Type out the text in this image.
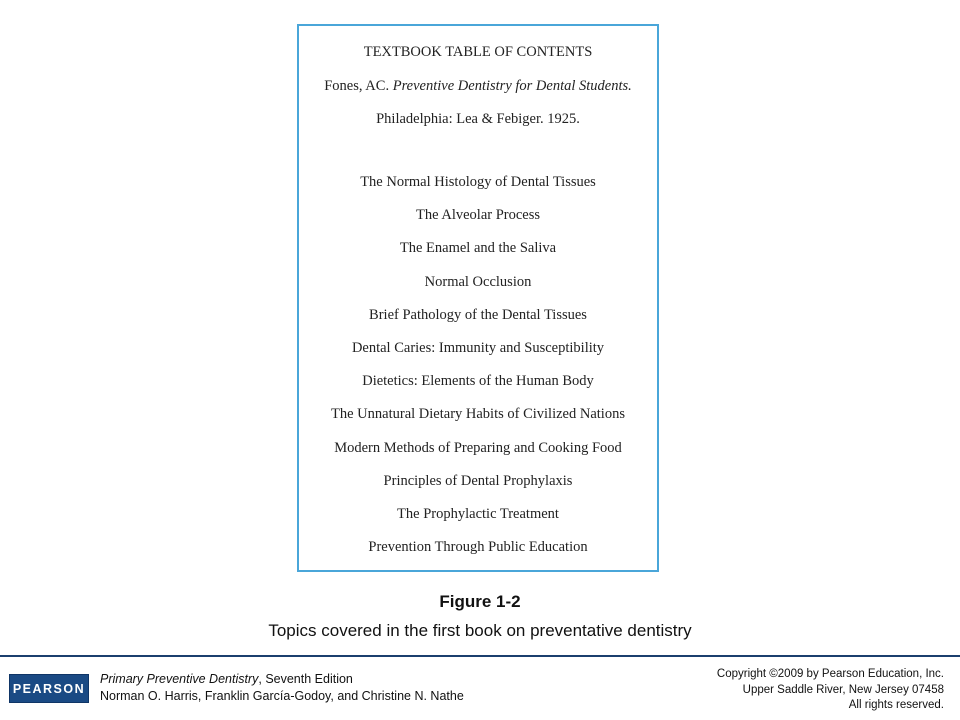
TEXTBOOK TABLE OF CONTENTS
Fones, AC. Preventive Dentistry for Dental Students.
Philadelphia: Lea & Febiger. 1925.
The Normal Histology of Dental Tissues
The Alveolar Process
The Enamel and the Saliva
Normal Occlusion
Brief Pathology of the Dental Tissues
Dental Caries: Immunity and Susceptibility
Dietetics: Elements of the Human Body
The Unnatural Dietary Habits of Civilized Nations
Modern Methods of Preparing and Cooking Food
Principles of Dental Prophylaxis
The Prophylactic Treatment
Prevention Through Public Education
Figure 1-2
Topics covered in the first book on preventative dentistry
PEARSON
Primary Preventive Dentistry, Seventh Edition
Norman O. Harris, Franklin García-Godoy, and Christine N. Nathe
Copyright ©2009 by Pearson Education, Inc.
Upper Saddle River, New Jersey 07458
All rights reserved.
